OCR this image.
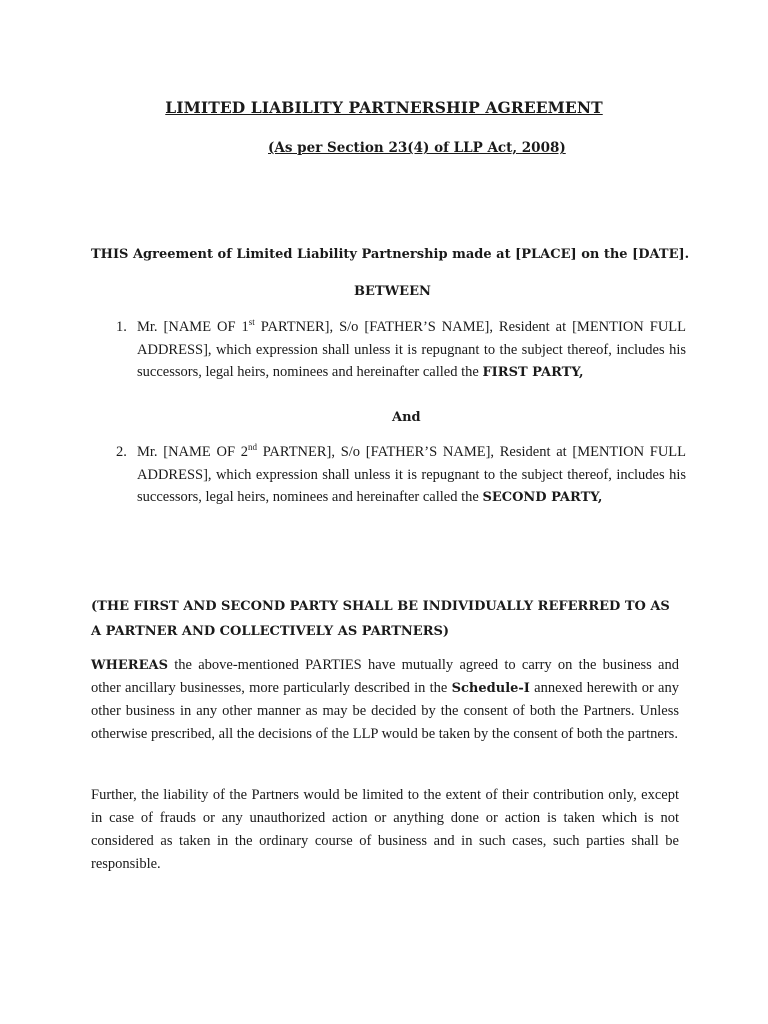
LIMITED LIABILITY PARTNERSHIP AGREEMENT
(As per Section 23(4) of LLP Act, 2008)
THIS Agreement of Limited Liability Partnership made at [PLACE] on the [DATE].
BETWEEN
1. Mr. [NAME OF 1st PARTNER], S/o [FATHER’S NAME], Resident at [MENTION FULL ADDRESS], which expression shall unless it is repugnant to the subject thereof, includes his successors, legal heirs, nominees and hereinafter called the FIRST PARTY,
And
2. Mr. [NAME OF 2nd PARTNER], S/o [FATHER’S NAME], Resident at [MENTION FULL ADDRESS], which expression shall unless it is repugnant to the subject thereof, includes his successors, legal heirs, nominees and hereinafter called the SECOND PARTY,
(THE FIRST AND SECOND PARTY SHALL BE INDIVIDUALLY REFERRED TO AS A PARTNER AND COLLECTIVELY AS PARTNERS)
WHEREAS the above-mentioned PARTIES have mutually agreed to carry on the business and other ancillary businesses, more particularly described in the Schedule-I annexed herewith or any other business in any other manner as may be decided by the consent of both the Partners. Unless otherwise prescribed, all the decisions of the LLP would be taken by the consent of both the partners.
Further, the liability of the Partners would be limited to the extent of their contribution only, except in case of frauds or any unauthorized action or anything done or action is taken which is not considered as taken in the ordinary course of business and in such cases, such parties shall be responsible.
